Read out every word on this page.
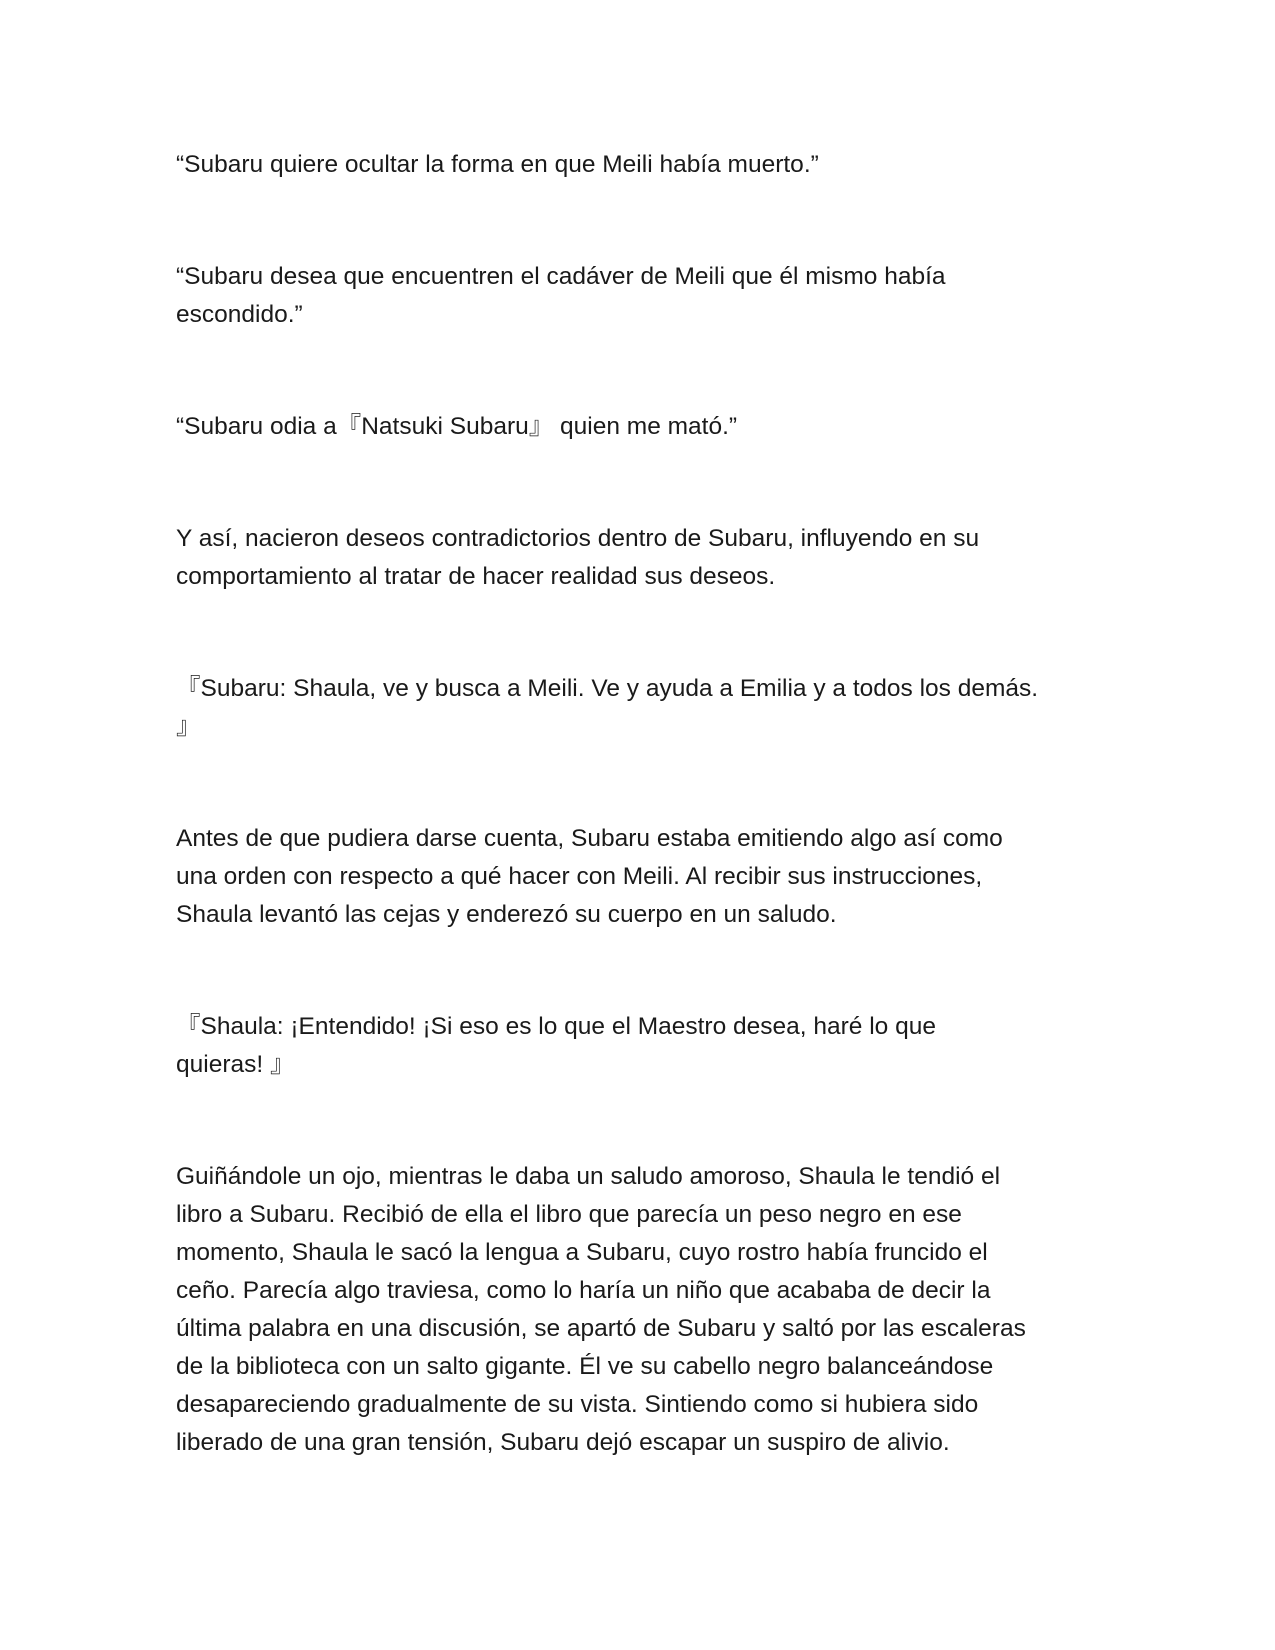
“Subaru quiere ocultar la forma en que Meili había muerto.”

“Subaru desea que encuentren el cadáver de Meili que él mismo había
escondido.”

“Subaru odia a『Natsuki Subaru』 quien me mató.”

Y así, nacieron deseos contradictorios dentro de Subaru, influyendo en su
comportamiento al tratar de hacer realidad sus deseos.

『Subaru: Shaula, ve y busca a Meili. Ve y ayuda a Emilia y a todos los demás.
』

Antes de que pudiera darse cuenta, Subaru estaba emitiendo algo así como
una orden con respecto a qué hacer con Meili. Al recibir sus instrucciones,
Shaula levantó las cejas y enderezó su cuerpo en un saludo.

『Shaula: ¡Entendido! ¡Si eso es lo que el Maestro desea, haré lo que
quieras! 』

Guiñándole un ojo, mientras le daba un saludo amoroso, Shaula le tendió el
libro a Subaru. Recibió de ella el libro que parecía un peso negro en ese
momento, Shaula le sacó la lengua a Subaru, cuyo rostro había fruncido el
ceño. Parecía algo traviesa, como lo haría un niño que acababa de decir la
última palabra en una discusión, se apartó de Subaru y saltó por las escaleras
de la biblioteca con un salto gigante. Él ve su cabello negro balanceándose
desapareciendo gradualmente de su vista. Sintiendo como si hubiera sido
liberado de una gran tensión, Subaru dejó escapar un suspiro de alivio.
